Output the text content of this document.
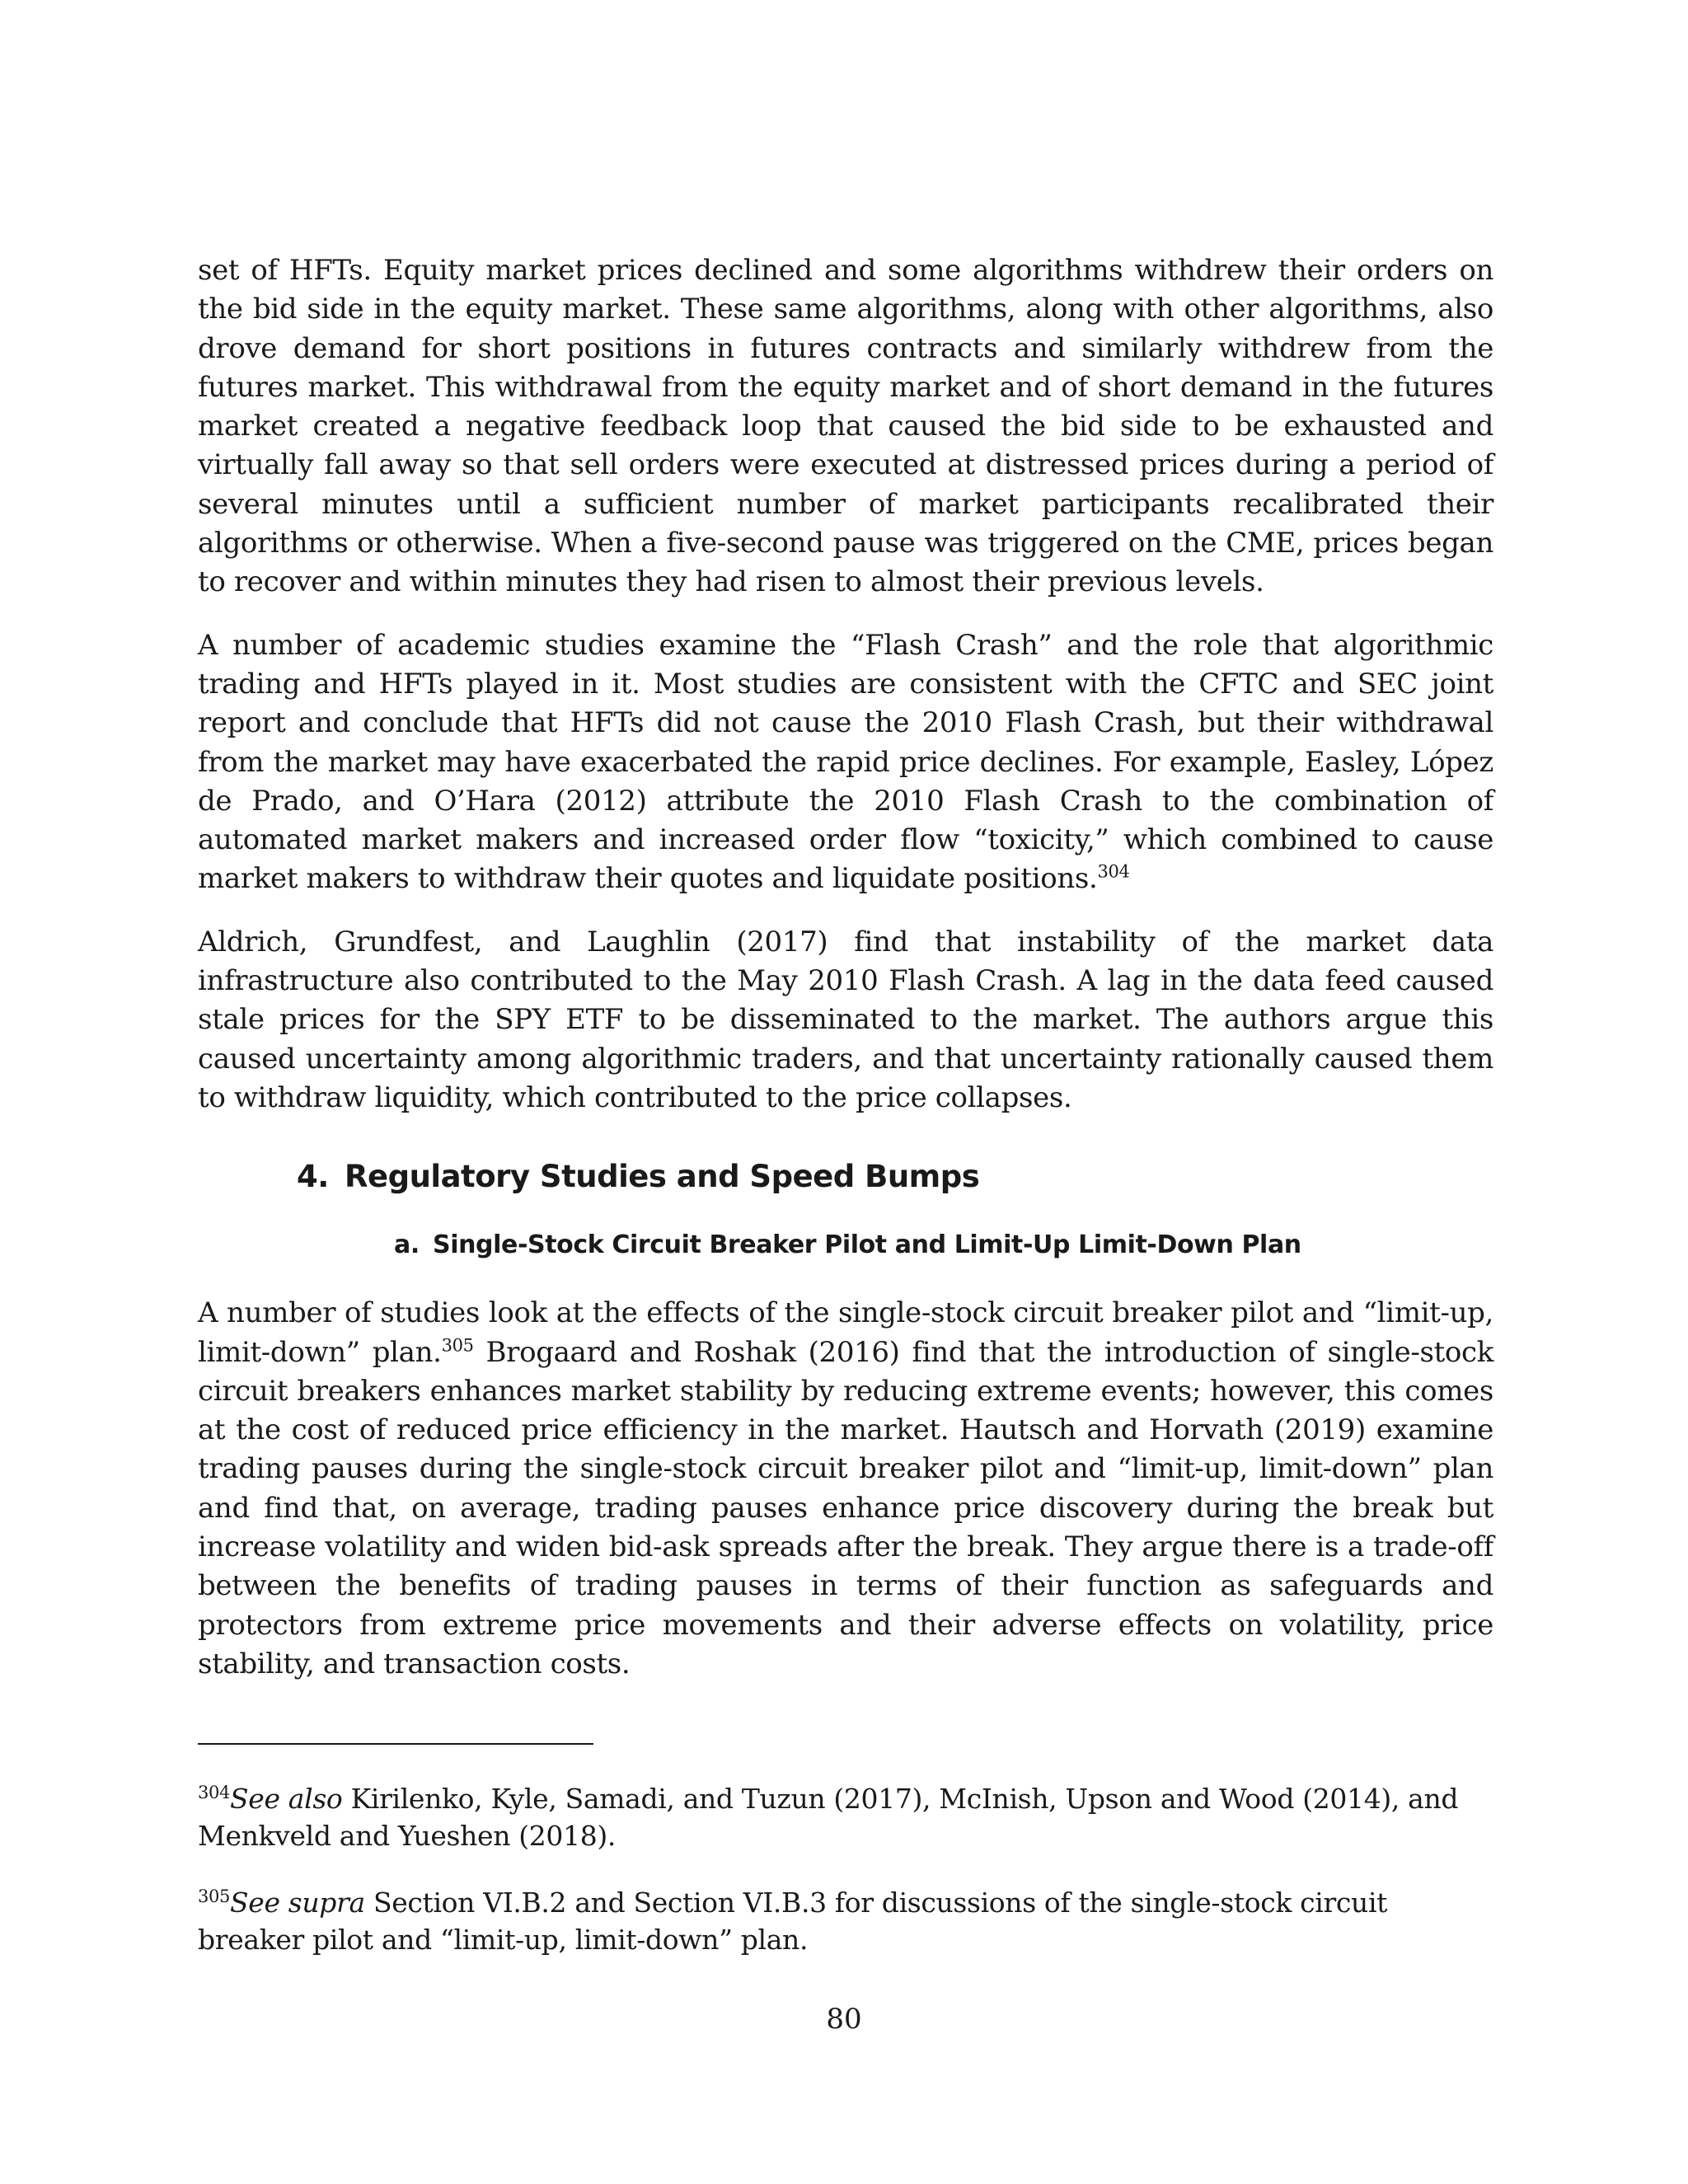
set of HFTs. Equity market prices declined and some algorithms withdrew their orders on the bid side in the equity market. These same algorithms, along with other algorithms, also drove demand for short positions in futures contracts and similarly withdrew from the futures market. This withdrawal from the equity market and of short demand in the futures market created a negative feedback loop that caused the bid side to be exhausted and virtually fall away so that sell orders were executed at distressed prices during a period of several minutes until a sufficient number of market participants recalibrated their algorithms or otherwise. When a five-second pause was triggered on the CME, prices began to recover and within minutes they had risen to almost their previous levels.

A number of academic studies examine the “Flash Crash” and the role that algorithmic trading and HFTs played in it. Most studies are consistent with the CFTC and SEC joint report and conclude that HFTs did not cause the 2010 Flash Crash, but their withdrawal from the market may have exacerbated the rapid price declines. For example, Easley, López de Prado, and O’Hara (2012) attribute the 2010 Flash Crash to the combination of automated market makers and increased order flow “toxicity,” which combined to cause market makers to withdraw their quotes and liquidate positions.$^{304}$

Aldrich, Grundfest, and Laughlin (2017) find that instability of the market data infrastructure also contributed to the May 2010 Flash Crash. A lag in the data feed caused stale prices for the SPY ETF to be disseminated to the market. The authors argue this caused uncertainty among algorithmic traders, and that uncertainty rationally caused them to withdraw liquidity, which contributed to the price collapses.

4. Regulatory Studies and Speed Bumps
a. Single-Stock Circuit Breaker Pilot and Limit-Up Limit-Down Plan

A number of studies look at the effects of the single-stock circuit breaker pilot and “limit-up, limit-down” plan.$^{305}$ Brogaard and Roshak (2016) find that the introduction of single-stock circuit breakers enhances market stability by reducing extreme events; however, this comes at the cost of reduced price efficiency in the market. Hautsch and Horvath (2019) examine trading pauses during the single-stock circuit breaker pilot and “limit-up, limit-down” plan and find that, on average, trading pauses enhance price discovery during the break but increase volatility and widen bid-ask spreads after the break. They argue there is a trade-off between the benefits of trading pauses in terms of their function as safeguards and protectors from extreme price movements and their adverse effects on volatility, price stability, and transaction costs.

$^{304}$See also Kirilenko, Kyle, Samadi, and Tuzun (2017), McInish, Upson and Wood (2014), and Menkveld and Yueshen (2018).

$^{305}$See supra Section VI.B.2 and Section VI.B.3 for discussions of the single-stock circuit breaker pilot and “limit-up, limit-down” plan.

80
